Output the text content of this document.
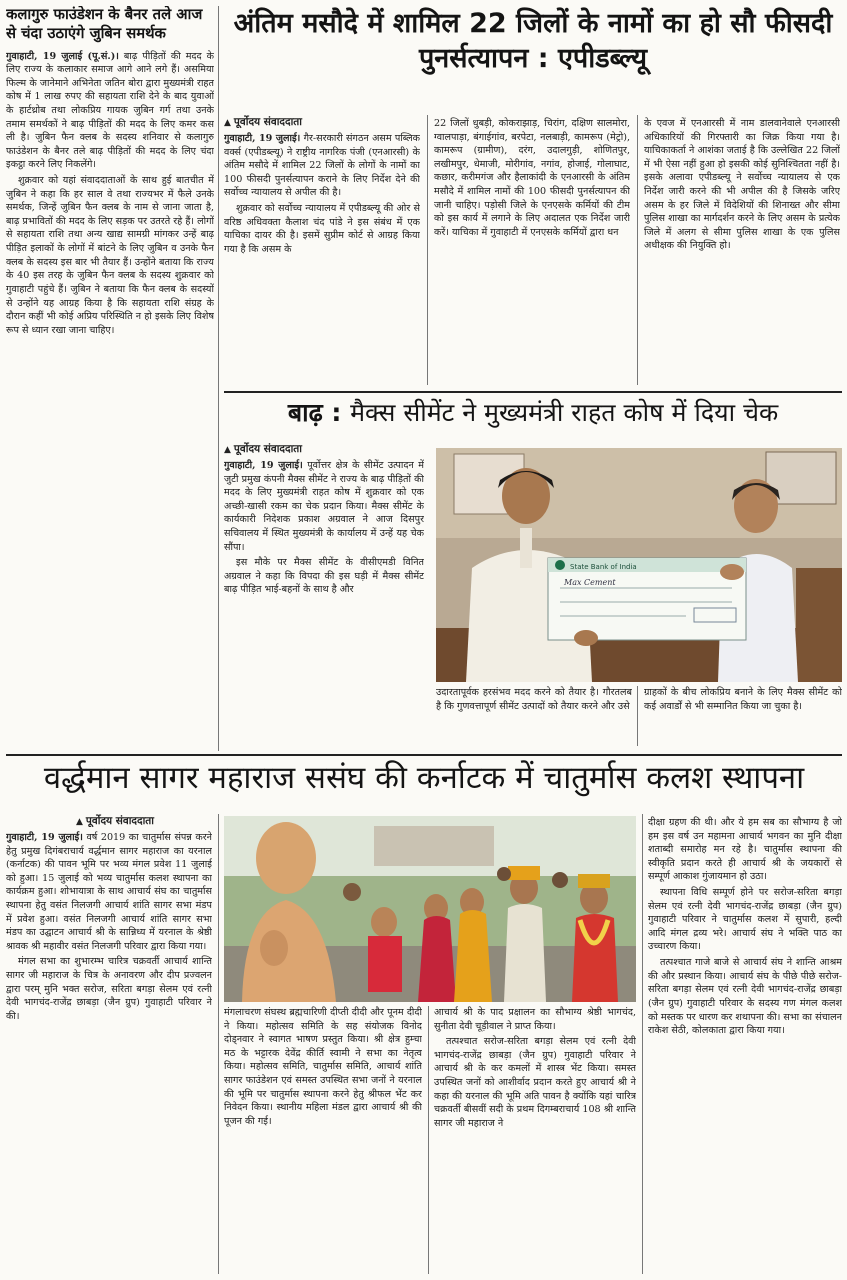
कलागुरु फाउंडेशन के बैनर तले आज से चंदा उठाएंगे जुबिन समर्थक

गुवाहाटी, 19 जुलाई (पू.सं.)। बाढ़ पीड़ितों की मदद के लिए राज्य के कलाकार समाज आगे आने लगे हैं। असमिया फिल्म के जानेमाने अभिनेता जतिन बोरा द्वारा मुख्यमंत्री राहत कोष में 1 लाख रुपए की सहायता राशि देने के बाद युवाओं के हार्टथ्रोब तथा लोकप्रिय गायक जुबिन गर्ग तथा उनके तमाम समर्थकों ने बाढ़ पीड़ितों की मदद के लिए कमर कस ली है। जुबिन फैन क्लब के सदस्य शनिवार से कलागुरु फाउंडेशन के बैनर तले बाढ़ पीड़ितों की मदद के लिए चंदा इकट्ठा करने लिए निकलेंगे।

शुक्रवार को यहां संवाददाताओं के साथ हुई बातचीत में जुबिन ने कहा कि हर साल वे तथा राज्यभर में फैले उनके समर्थक, जिन्हें जुबिन फैन क्लब के नाम से जाना जाता है, बाढ़ प्रभावितों की मदद के लिए सड़क पर उतरते रहे हैं। लोगों से सहायता राशि तथा अन्य खाद्य सामग्री मांगकर उन्हें बाढ़ पीड़ित इलाकों के लोगों में बांटने के लिए जुबिन व उनके फैन क्लब के सदस्य इस बार भी तैयार हैं। उन्होंने बताया कि राज्य के 40 इस तरह के जुबिन फैन क्लब के सदस्य शुक्रवार को गुवाहाटी पहुंचे हैं। जुबिन ने बताया कि फैन क्लब के सदस्यों से उन्होंने यह आग्रह किया है कि सहायता राशि संग्रह के दौरान कहीं भी कोई अप्रिय परिस्थिति न हो इसके लिए विशेष रूप से ध्यान रखा जाना चाहिए।

अंतिम मसौदे में शामिल 22 जिलों के नामों का हो सौ फीसदी पुनर्सत्यापन : एपीडब्ल्यू
▲ पूर्वोदय संवाददाता

गुवाहाटी, 19 जुलाई। गैर-सरकारी संगठन असम पब्लिक वर्क्स (एपीडब्ल्यू) ने राष्ट्रीय नागरिक पंजी (एनआरसी) के अंतिम मसौदे में शामिल 22 जिलों के लोगों के नामों का 100 फीसदी पुनर्सत्यापन कराने के लिए निर्देश देने की सर्वोच्च न्यायालय से अपील की है।

शुक्रवार को सर्वोच्च न्यायालय में एपीडब्ल्यू की ओर से वरिष्ठ अधिवक्ता कैलाश चंद पांडे ने इस संबंध में एक याचिका दायर की है। इसमें सुप्रीम कोर्ट से आग्रह किया गया है कि असम के

22 जिलों धुबड़ी, कोकराझाड़, चिरांग, दक्षिण सालमोरा, ग्वालपाड़ा, बंगाईगांव, बरपेटा, नलबाड़ी, कामरूप (मेट्रो), कामरूप (ग्रामीण), दरंग, उदालगुड़ी, शोणितपुर, लखीमपुर, धेमाजी, मोरीगांव, नगांव, होजाई, गोलाघाट, कछार, करीमगंज और हैलाकांदी के एनआरसी के अंतिम मसौदे में शामिल नामों की 100 फीसदी पुनर्सत्यापन की जानी चाहिए। पड़ोसी जिले के एनएसके कर्मियों की टीम को इस कार्य में लगाने के लिए अदालत एक निर्देश जारी करें। याचिका में गुवाहाटी में एनएसके कर्मियों द्वारा धन

के एवज में एनआरसी में नाम डालवानेवाले एनआरसी अधिकारियों की गिरफ्तारी का जिक्र किया गया है। याचिकाकर्ता ने आशंका जताई है कि उल्लेखित 22 जिलों में भी ऐसा नहीं हुआ हो इसकी कोई सुनिश्चितता नहीं है। इसके अलावा एपीडब्ल्यू ने सर्वोच्च न्यायालय से एक निर्देश जारी करने की भी अपील की है जिसके जरिए असम के हर जिले में विदेशियों की शिनाख्त और सीमा पुलिस शाखा का मार्गदर्शन करने के लिए असम के प्रत्येक जिले में अलग से सीमा पुलिस शाखा के एक पुलिस अधीक्षक की नियुक्ति हो।

बाढ़ : मैक्स सीमेंट ने मुख्यमंत्री राहत कोष में दिया चेक
▲ पूर्वोदय संवाददाता

गुवाहाटी, 19 जुलाई। पूर्वोत्तर क्षेत्र के सीमेंट उत्पादन में जुटी प्रमुख कंपनी मैक्स सीमेंट ने राज्य के बाढ़ पीड़ितों की मदद के लिए मुख्यमंत्री राहत कोष में शुक्रवार को एक अच्छी-खासी रकम का चेक प्रदान किया। मैक्स सीमेंट के कार्यकारी निदेशक प्रकाश अग्रवाल ने आज दिसपुर सचिवालय में स्थित मुख्यमंत्री के कार्यालय में उन्हें यह चेक सौंपा।

इस मौके पर मैक्स सीमेंट के वीसीएमडी विनित अग्रवाल ने कहा कि विपदा की इस घड़ी में मैक्स सीमेंट बाढ़ पीड़ित भाई-बहनों के साथ है और

State Bank of India
Max Cement

उदारतापूर्वक हरसंभव मदद करने को तैयार है। गौरतलब है कि गुणवत्तापूर्ण सीमेंट उत्पादों को तैयार करने और उसे

ग्राहकों के बीच लोकप्रिय बनाने के लिए मैक्स सीमेंट को कई अवार्डों से भी सम्मानित किया जा चुका है।

वर्द्धमान सागर महाराज ससंघ की कर्नाटक में चातुर्मास कलश स्थापना
▲ पूर्वोदय संवाददाता

गुवाहाटी, 19 जुलाई। वर्ष 2019 का चातुर्मास संपन्न करने हेतु प्रमुख दिगंबराचार्य वर्द्धमान सागर महाराज का यरनाल (कर्नाटक) की पावन भूमि पर भव्य मंगल प्रवेश 11 जुलाई को हुआ। 15 जुलाई को भव्य चातुर्मास कलश स्थापना का कार्यक्रम हुआ। शोभायात्रा के साथ आचार्य संघ का चातुर्मास स्थापना हेतु वसंत निलजगी आचार्य शांति सागर सभा मंडप में प्रवेश हुआ। वसंत निलजगी आचार्य शांति सागर सभा मंडप का उद्घाटन आचार्य श्री के सान्निध्य में यरनाल के श्रेष्ठी श्रावक श्री महावीर वसंत निलजगी परिवार द्वारा किया गया।

मंगल सभा का शुभारम्भ चारित्र चक्रवर्ती आचार्य शान्ति सागर जी महाराज के चित्र के अनावरण और दीप प्रज्वलन द्वारा परम् मुनि भक्त सरोज, सरिता बगड़ा सेलम एवं रत्नी देवी भागचंद-राजेंद्र छाबड़ा (जैन ग्रुप) गुवाहाटी परिवार ने की।	मंगलाचरण संघस्थ ब्रह्मचारिणी दीप्ती दीदी और पूनम दीदी ने किया। महोत्सव समिति के सह संयोजक विनोद दोड्नवार ने स्वागत भाषण प्रस्तुत किया। श्री क्षेत्र हुम्चा मठ के भट्टारक देवेंद्र कीर्ति स्वामी ने सभा का नेतृत्व किया। महोत्सव समिति, चातुर्मास समिति, आचार्य शांति सागर फाउंडेशन एवं समस्त उपस्थित सभा जनों ने यरनाल की भूमि पर चातुर्मास स्थापना करने हेतु श्रीफल भेंट कर निवेदन किया। स्थानीय महिला मंडल द्वारा आचार्य श्री की पूजन की गई।

आचार्य श्री के पाद प्रक्षालन का सौभाग्य श्रेष्ठी भागचंद, सुनीता देवी चूड़ीवाल ने प्राप्त किया।

तत्पश्चात सरोज-सरिता बगड़ा सेलम एवं रत्नी देवी भागचंद-राजेंद्र छाबड़ा (जैन ग्रुप) गुवाहाटी परिवार ने आचार्य श्री के कर कमलों में शास्त्र भेंट किया। समस्त उपस्थित जनों को आशीर्वाद प्रदान करते हुए आचार्य श्री ने कहा की यरनाल की भूमि अति पावन है क्योंकि यहां चारित्र चक्रवर्ती बीसवीं सदी के प्रथम दिगम्बराचार्य 108 श्री शान्ति सागर जी महाराज ने

दीक्षा ग्रहण की थी। और ये हम सब का सौभाग्य है जो हम इस वर्ष उन महामना आचार्य भगवन का मुनि दीक्षा शताब्दी समारोह मन रहे है। चातुर्मास स्थापना की स्वीकृति प्रदान करते ही आचार्य श्री के जयकारों से सम्पूर्ण आकाश गुंजायमान हो उठा।

स्थापना विधि सम्पूर्ण होने पर सरोज-सरिता बगड़ा सेलम एवं रत्नी देवी भागचंद-राजेंद्र छाबड़ा (जैन ग्रुप) गुवाहाटी परिवार ने चातुर्मास कलश में सुपारी, हल्दी आदि मंगल द्रव्य भरे। आचार्य संघ ने भक्ति पाठ का उच्चारण किया।

तत्पश्चात गाजे बाजे से आचार्य संघ ने शान्ति आश्रम की और प्रस्थान किया। आचार्य संघ के पीछे पीछे सरोज-सरिता बगड़ा सेलम एवं रत्नी देवी भागचंद-राजेंद्र छाबड़ा (जैन ग्रुप) गुवाहाटी परिवार के सदस्य गण मंगल कलश को मस्तक पर धारण कर शथापना की। सभा का संचालन राकेश सेठी, कोलकाता द्वारा किया गया।
